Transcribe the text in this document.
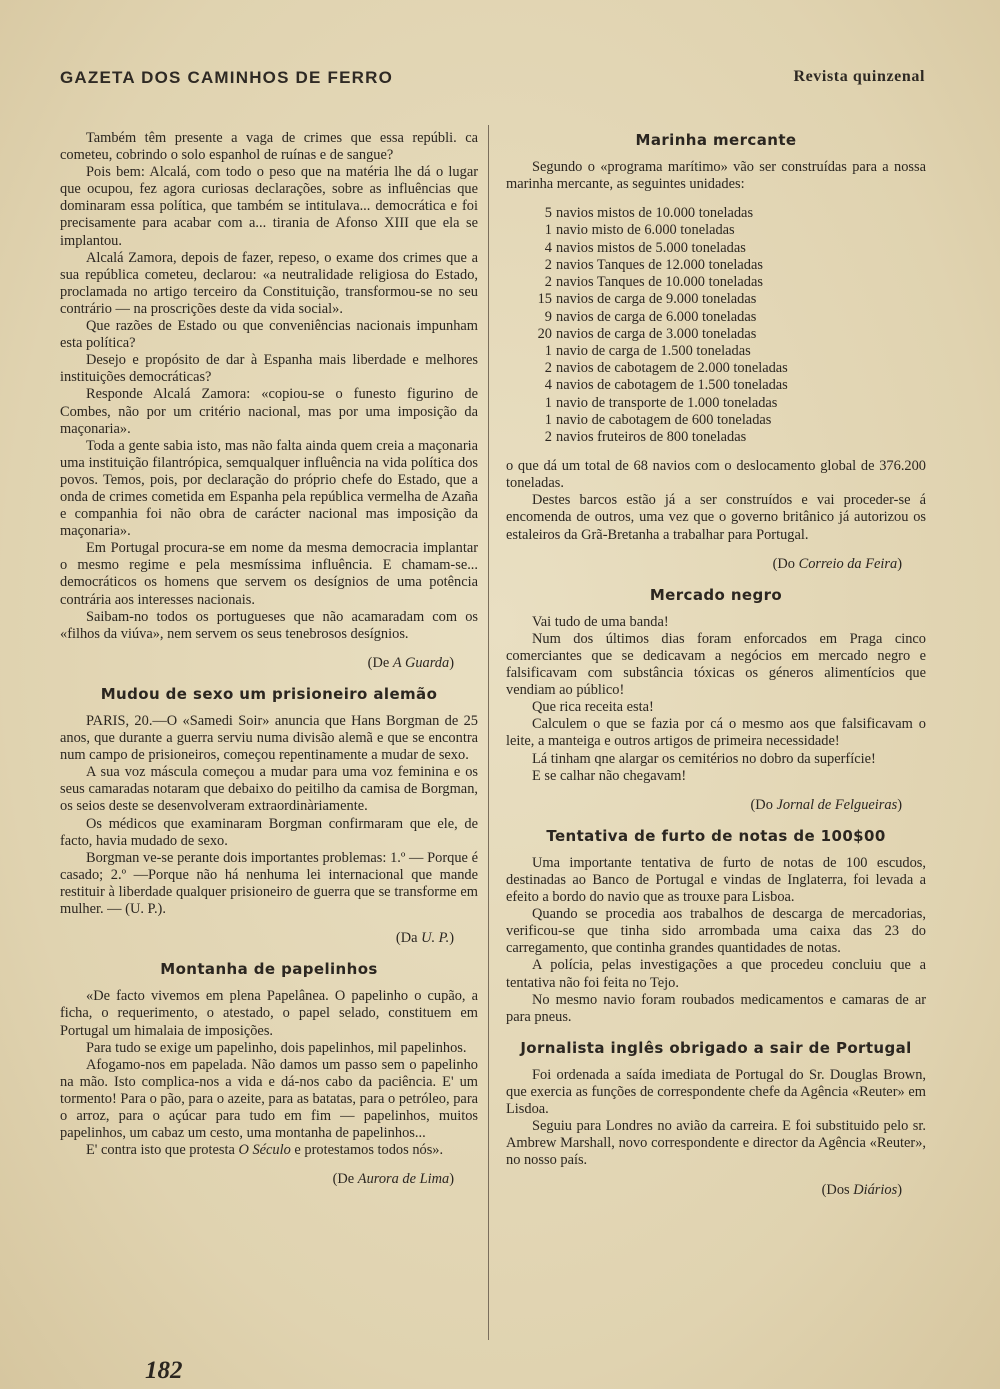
GAZETA DOS CAMINHOS DE FERRO	Revista quinzenal

Também têm presente a vaga de crimes que essa repúbli. ca cometeu, cobrindo o solo espanhol de ruínas e de sangue?

Pois bem: Alcalá, com todo o peso que na matéria lhe dá o lugar que ocupou, fez agora curiosas declarações, sobre as influências que dominaram essa política, que também se intitulava... democrática e foi precisamente para acabar com a... tirania de Afonso XIII que ela se implantou.

Alcalá Zamora, depois de fazer, repeso, o exame dos crimes que a sua república cometeu, declarou: «a neutralidade religiosa do Estado, proclamada no artigo terceiro da Constituição, transformou-se no seu contrário — na proscrições deste da vida social».

Que razões de Estado ou que conveniências nacionais impunham esta política?

Desejo e propósito de dar à Espanha mais liberdade e melhores instituições democráticas?

Responde Alcalá Zamora: «copiou-se o funesto figurino de Combes, não por um critério nacional, mas por uma imposição da maçonaria».

Toda a gente sabia isto, mas não falta ainda quem creia a maçonaria uma instituição filantrópica, semqualquer influência na vida política dos povos. Temos, pois, por declaração do próprio chefe do Estado, que a onda de crimes cometida em Espanha pela república vermelha de Azaña e companhia foi não obra de carácter nacional mas imposição da maçonaria».

Em Portugal procura-se em nome da mesma democracia implantar o mesmo regime e pela mesmíssima influência. E chamam-se... democráticos os homens que servem os desígnios de uma potência contrária aos interesses nacionais.

Saibam-no todos os portugueses que não acamaradam com os «filhos da viúva», nem servem os seus tenebrosos desígnios.

(De A Guarda)

Mudou de sexo um prisioneiro alemão

PARIS, 20.—O «Samedi Soir» anuncia que Hans Borgman de 25 anos, que durante a guerra serviu numa divisão alemã e que se encontra num campo de prisioneiros, começou repentinamente a mudar de sexo.

A sua voz máscula começou a mudar para uma voz feminina e os seus camaradas notaram que debaixo do peitilho da camisa de Borgman, os seios deste se desenvolveram extraordinàriamente.

Os médicos que examinaram Borgman confirmaram que ele, de facto, havia mudado de sexo.

Borgman ve-se perante dois importantes problemas: 1.º — Porque é casado; 2.º —Porque não há nenhuma lei internacional que mande restituir à liberdade qualquer prisioneiro de guerra que se transforme em mulher. — (U. P.).

(Da U. P.)

Montanha de papelinhos

«De facto vivemos em plena Papelânea. O papelinho o cupão, a ficha, o requerimento, o atestado, o papel selado, constituem em Portugal um himalaia de imposições.

Para tudo se exige um papelinho, dois papelinhos, mil papelinhos.

Afogamo-nos em papelada. Não damos um passo sem o papelinho na mão. Isto complica-nos a vida e dá-nos cabo da paciência. E' um tormento! Para o pão, para o azeite, para as batatas, para o petróleo, para o arroz, para o açúcar para tudo em fim — papelinhos, muitos papelinhos, um cabaz um cesto, uma montanha de papelinhos...

E' contra isto que protesta O Século e protestamos todos nós».

(De Aurora de Lima)

Marinha mercante

Segundo o «programa marítimo» vão ser construídas para a nossa marinha mercante, as seguintes unidades:

5 navios mistos de 10.000 toneladas
1 navio misto de 6.000 toneladas
4 navios mistos de 5.000 toneladas
2 navios Tanques de 12.000 toneladas
2 navios Tanques de 10.000 toneladas
15 navios de carga de 9.000 toneladas
9 navios de carga de 6.000 toneladas
20 navios de carga de 3.000 toneladas
1 navio de carga de 1.500 toneladas
2 navios de cabotagem de 2.000 toneladas
4 navios de cabotagem de 1.500 toneladas
1 navio de transporte de 1.000 toneladas
1 navio de cabotagem de 600 toneladas
2 navios fruteiros de 800 toneladas

o que dá um total de 68 navios com o deslocamento global de 376.200 toneladas.

Destes barcos estão já a ser construídos e vai proceder-se á encomenda de outros, uma vez que o governo britânico já autorizou os estaleiros da Grã-Bretanha a trabalhar para Portugal.

(Do Correio da Feira)

Mercado negro

Vai tudo de uma banda!

Num dos últimos dias foram enforcados em Praga cinco comerciantes que se dedicavam a negócios em mercado negro e falsificavam com substância tóxicas os géneros alimentícios que vendiam ao público!

Que rica receita esta!

Calculem o que se fazia por cá o mesmo aos que falsificavam o leite, a manteiga e outros artigos de primeira necessidade!

Lá tinham qne alargar os cemitérios no dobro da superfície!

E se calhar não chegavam!

(Do Jornal de Felgueiras)

Tentativa de furto de notas de 100$00

Uma importante tentativa de furto de notas de 100 escudos, destinadas ao Banco de Portugal e vindas de Inglaterra, foi levada a efeito a bordo do navio que as trouxe para Lisboa.

Quando se procedia aos trabalhos de descarga de mercadorias, verificou-se que tinha sido arrombada uma caixa das 23 do carregamento, que continha grandes quantidades de notas.

A polícia, pelas investigações a que procedeu concluiu que a tentativa não foi feita no Tejo.

No mesmo navio foram roubados medicamentos e camaras de ar para pneus.

Jornalista inglês obrigado a sair de Portugal

Foi ordenada a saída imediata de Portugal do Sr. Douglas Brown, que exercia as funções de correspondente chefe da Agência «Reuter» em Lisdoa.

Seguiu para Londres no avião da carreira. E foi substituido pelo sr. Ambrew Marshall, novo correspondente e director da Agência «Reuter», no nosso país.

(Dos Diários)

182
